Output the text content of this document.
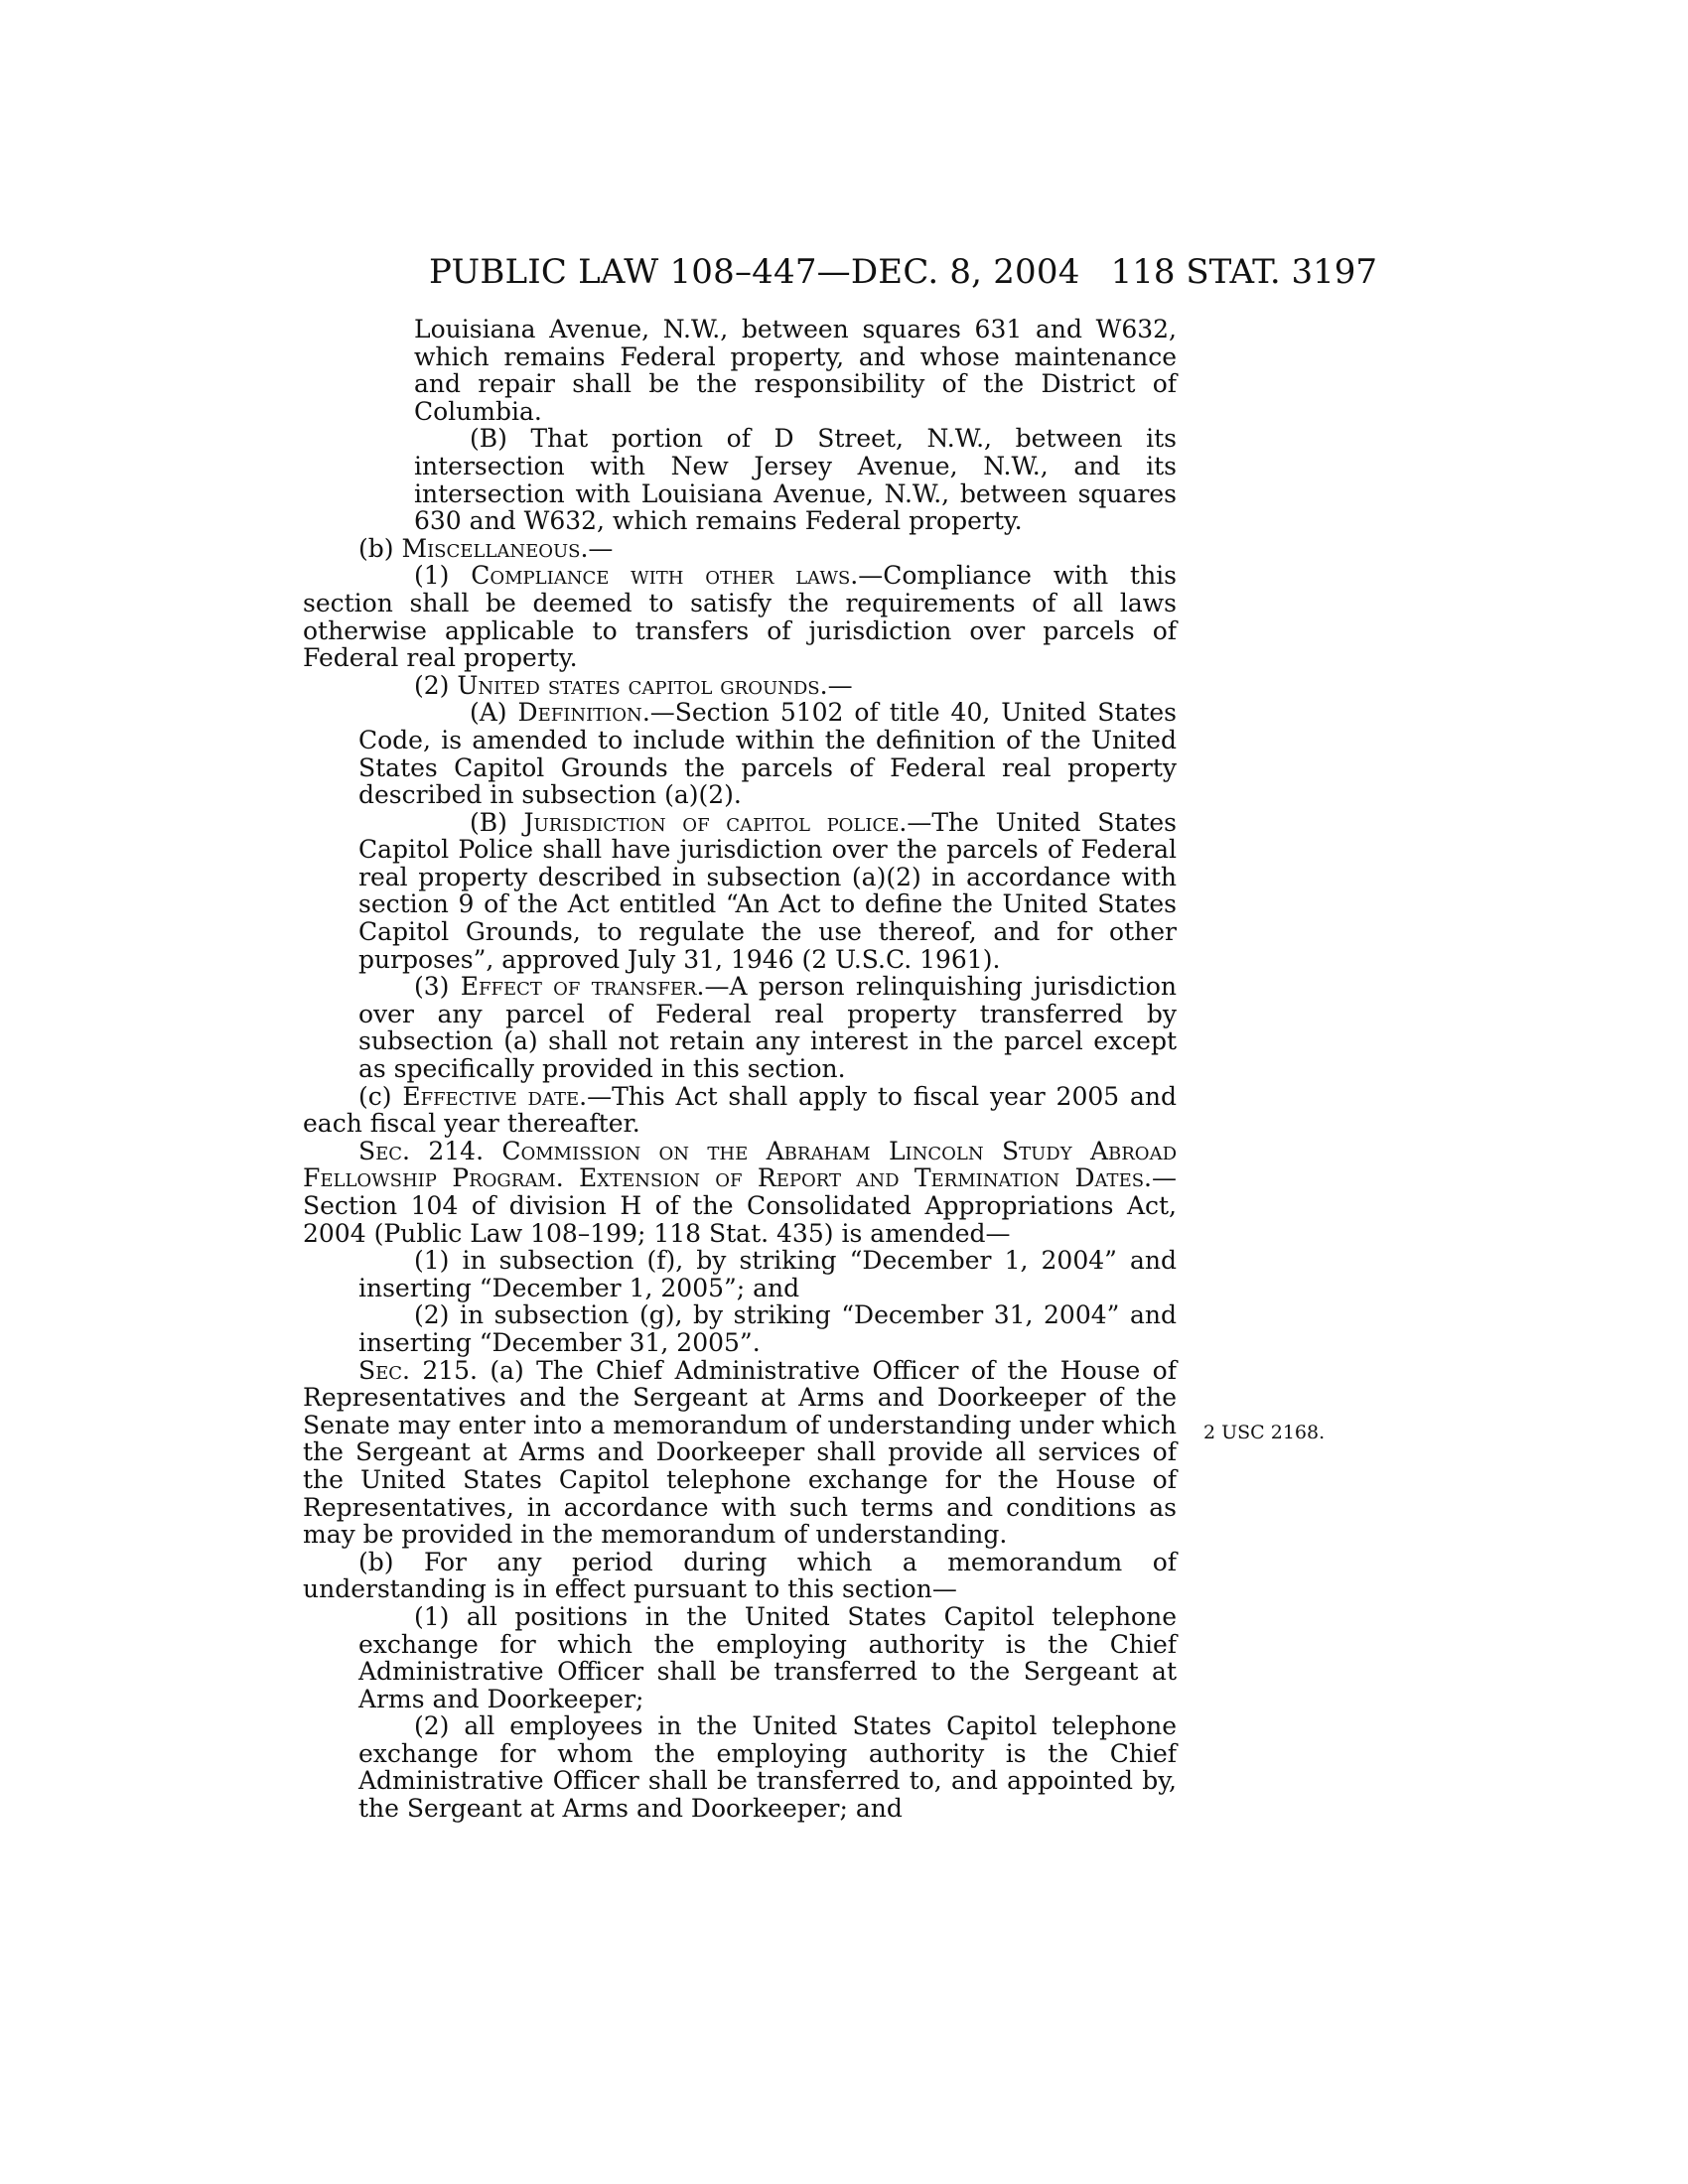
PUBLIC LAW 108–447—DEC. 8, 2004 118 STAT. 3197

Louisiana Avenue, N.W., between squares 631 and W632, which remains Federal property, and whose maintenance and repair shall be the responsibility of the District of Columbia.

(B) That portion of D Street, N.W., between its intersection with New Jersey Avenue, N.W., and its intersection with Louisiana Avenue, N.W., between squares 630 and W632, which remains Federal property.

(b) Miscellaneous.—

(1) Compliance with other laws.—Compliance with this section shall be deemed to satisfy the requirements of all laws otherwise applicable to transfers of jurisdiction over parcels of Federal real property.

(2) United states capitol grounds.—

(A) Definition.—Section 5102 of title 40, United States Code, is amended to include within the definition of the United States Capitol Grounds the parcels of Federal real property described in subsection (a)(2).

(B) Jurisdiction of capitol police.—The United States Capitol Police shall have jurisdiction over the parcels of Federal real property described in subsection (a)(2) in accordance with section 9 of the Act entitled “An Act to define the United States Capitol Grounds, to regulate the use thereof, and for other purposes”, approved July 31, 1946 (2 U.S.C. 1961).

(3) Effect of transfer.—A person relinquishing jurisdiction over any parcel of Federal real property transferred by subsection (a) shall not retain any interest in the parcel except as specifically provided in this section.

(c) Effective date.—This Act shall apply to fiscal year 2005 and each fiscal year thereafter.

Sec. 214. Commission on the Abraham Lincoln Study Abroad Fellowship Program. Extension of Report and Termination Dates.—Section 104 of division H of the Consolidated Appropriations Act, 2004 (Public Law 108–199; 118 Stat. 435) is amended—

(1) in subsection (f), by striking “December 1, 2004” and inserting “December 1, 2005”; and

(2) in subsection (g), by striking “December 31, 2004” and inserting “December 31, 2005”.

Sec. 215. (a) The Chief Administrative Officer of the House of Representatives and the Sergeant at Arms and Doorkeeper of the Senate may enter into a memorandum of understanding under which the Sergeant at Arms and Doorkeeper shall provide all services of the United States Capitol telephone exchange for the House of Representatives, in accordance with such terms and conditions as may be provided in the memorandum of understanding.

(b) For any period during which a memorandum of understanding is in effect pursuant to this section—

(1) all positions in the United States Capitol telephone exchange for which the employing authority is the Chief Administrative Officer shall be transferred to the Sergeant at Arms and Doorkeeper;

(2) all employees in the United States Capitol telephone exchange for whom the employing authority is the Chief Administrative Officer shall be transferred to, and appointed by, the Sergeant at Arms and Doorkeeper; and

2 USC 2168.
